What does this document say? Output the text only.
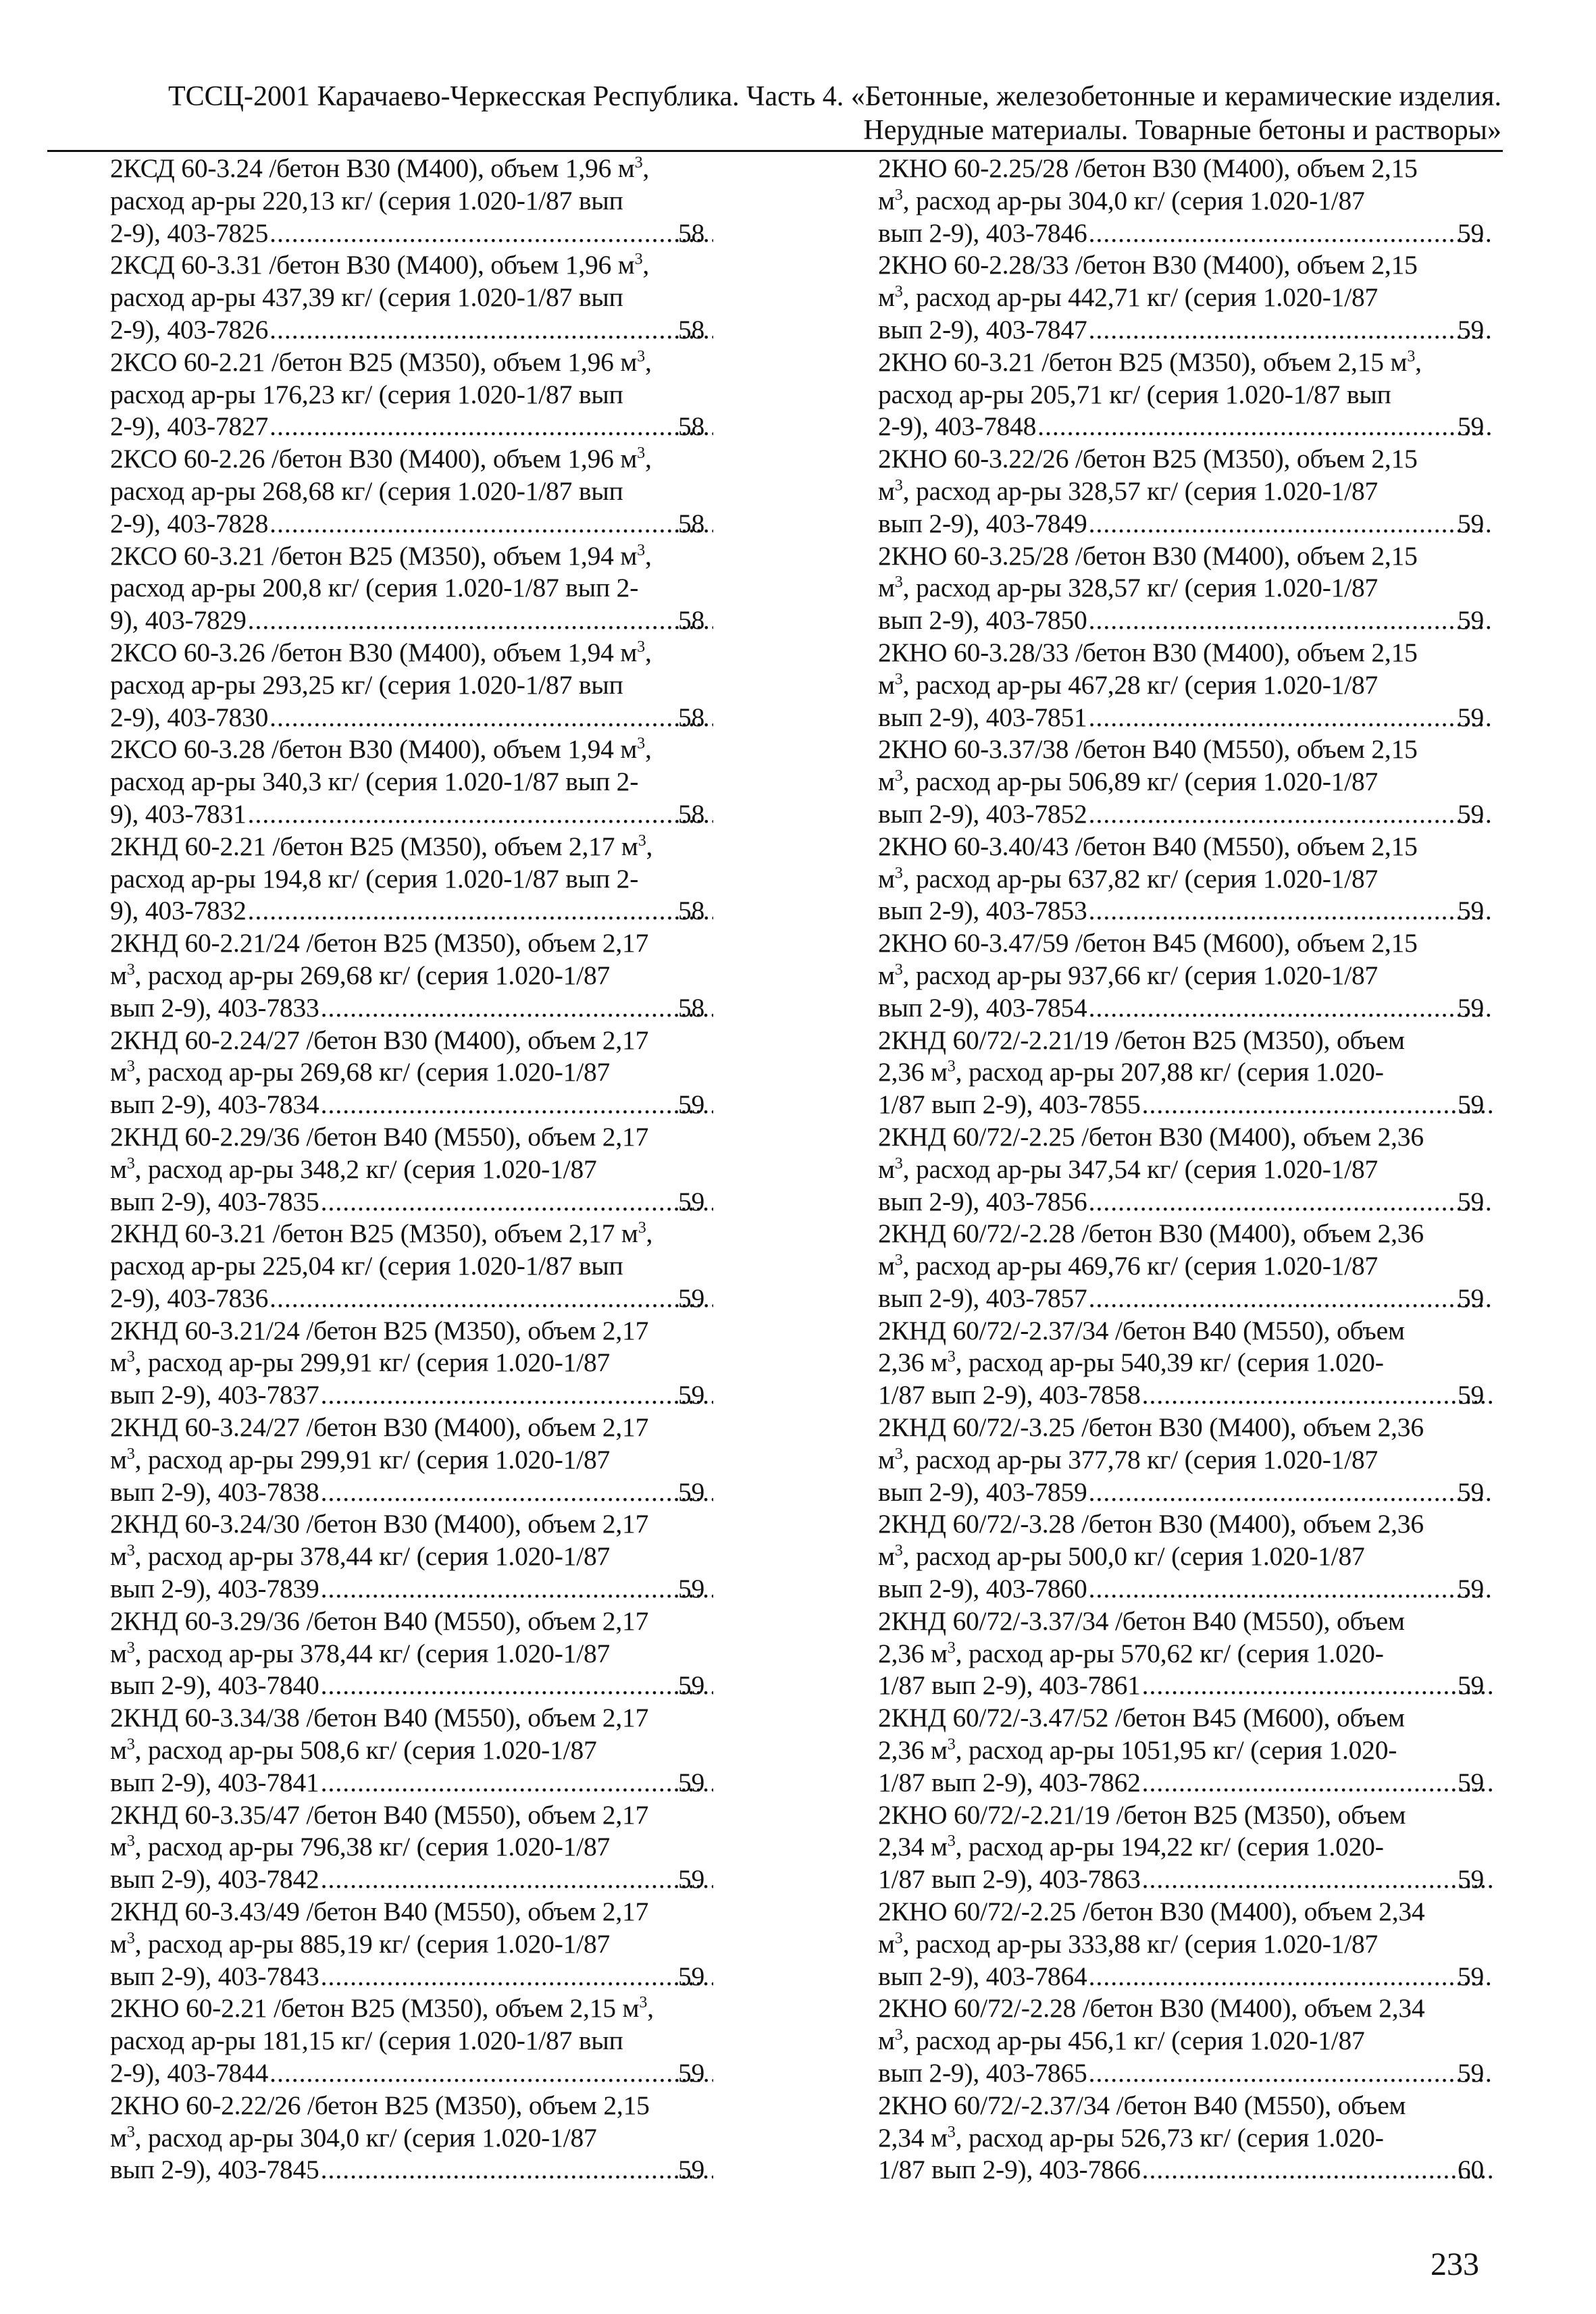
ТССЦ-2001 Карачаево-Черкесская Республика. Часть 4. «Бетонные, железобетонные и керамические изделия.
Нерудные материалы. Товарные бетоны и растворы»
2КСД 60-3.24 /бетон В30 (М400), объем 1,96 $м^3$,
расход ар-ры 220,13 кг/ (серия 1.020-1/87 вып
2-9), 403-7825 .....	58
2КСД 60-3.31 /бетон В30 (М400), объем 1,96 $м^3$,
расход ар-ры 437,39 кг/ (серия 1.020-1/87 вып
2-9), 403-7826 .....	58
2КСО 60-2.21 /бетон В25 (М350), объем 1,96 $м^3$,
расход ар-ры 176,23 кг/ (серия 1.020-1/87 вып
2-9), 403-7827 .....	58
2КСО 60-2.26 /бетон В30 (М400), объем 1,96 $м^3$,
расход ар-ры 268,68 кг/ (серия 1.020-1/87 вып
2-9), 403-7828 .....	58
2КСО 60-3.21 /бетон В25 (М350), объем 1,94 $м^3$,
расход ар-ры 200,8 кг/ (серия 1.020-1/87 вып 2-
9), 403-7829 .....	58
2КСО 60-3.26 /бетон В30 (М400), объем 1,94 $м^3$,
расход ар-ры 293,25 кг/ (серия 1.020-1/87 вып
2-9), 403-7830 .....	58
2КСО 60-3.28 /бетон В30 (М400), объем 1,94 $м^3$,
расход ар-ры 340,3 кг/ (серия 1.020-1/87 вып 2-
9), 403-7831 .....	58
2КНД 60-2.21 /бетон В25 (М350), объем 2,17 $м^3$,
расход ар-ры 194,8 кг/ (серия 1.020-1/87 вып 2-
9), 403-7832 .....	58
2КНД 60-2.21/24 /бетон В25 (М350), объем 2,17
$м^3$, расход ар-ры 269,68 кг/ (серия 1.020-1/87
вып 2-9), 403-7833 .....	58
2КНД 60-2.24/27 /бетон В30 (М400), объем 2,17
$м^3$, расход ар-ры 269,68 кг/ (серия 1.020-1/87
вып 2-9), 403-7834 .....	59
2КНД 60-2.29/36 /бетон В40 (М550), объем 2,17
$м^3$, расход ар-ры 348,2 кг/ (серия 1.020-1/87
вып 2-9), 403-7835 .....	59
2КНД 60-3.21 /бетон В25 (М350), объем 2,17 $м^3$,
расход ар-ры 225,04 кг/ (серия 1.020-1/87 вып
2-9), 403-7836 .....	59
2КНД 60-3.21/24 /бетон В25 (М350), объем 2,17
$м^3$, расход ар-ры 299,91 кг/ (серия 1.020-1/87
вып 2-9), 403-7837 .....	59
2КНД 60-3.24/27 /бетон В30 (М400), объем 2,17
$м^3$, расход ар-ры 299,91 кг/ (серия 1.020-1/87
вып 2-9), 403-7838 .....	59
2КНД 60-3.24/30 /бетон В30 (М400), объем 2,17
$м^3$, расход ар-ры 378,44 кг/ (серия 1.020-1/87
вып 2-9), 403-7839 .....	59
2КНД 60-3.29/36 /бетон В40 (М550), объем 2,17
$м^3$, расход ар-ры 378,44 кг/ (серия 1.020-1/87
вып 2-9), 403-7840 .....	59
2КНД 60-3.34/38 /бетон В40 (М550), объем 2,17
$м^3$, расход ар-ры 508,6 кг/ (серия 1.020-1/87
вып 2-9), 403-7841 .....	59
2КНД 60-3.35/47 /бетон В40 (М550), объем 2,17
$м^3$, расход ар-ры 796,38 кг/ (серия 1.020-1/87
вып 2-9), 403-7842 .....	59
2КНД 60-3.43/49 /бетон В40 (М550), объем 2,17
$м^3$, расход ар-ры 885,19 кг/ (серия 1.020-1/87
вып 2-9), 403-7843 .....	59
2КНО 60-2.21 /бетон В25 (М350), объем 2,15 $м^3$,
расход ар-ры 181,15 кг/ (серия 1.020-1/87 вып
2-9), 403-7844 .....	59
2КНО 60-2.22/26 /бетон В25 (М350), объем 2,15
$м^3$, расход ар-ры 304,0 кг/ (серия 1.020-1/87
вып 2-9), 403-7845 .....	59
2КНО 60-2.25/28 /бетон В30 (М400), объем 2,15
$м^3$, расход ар-ры 304,0 кг/ (серия 1.020-1/87
вып 2-9), 403-7846 .....	59
2КНО 60-2.28/33 /бетон В30 (М400), объем 2,15
$м^3$, расход ар-ры 442,71 кг/ (серия 1.020-1/87
вып 2-9), 403-7847 .....	59
2КНО 60-3.21 /бетон В25 (М350), объем 2,15 $м^3$,
расход ар-ры 205,71 кг/ (серия 1.020-1/87 вып
2-9), 403-7848 .....	59
2КНО 60-3.22/26 /бетон В25 (М350), объем 2,15
$м^3$, расход ар-ры 328,57 кг/ (серия 1.020-1/87
вып 2-9), 403-7849 .....	59
2КНО 60-3.25/28 /бетон В30 (М400), объем 2,15
$м^3$, расход ар-ры 328,57 кг/ (серия 1.020-1/87
вып 2-9), 403-7850 .....	59
2КНО 60-3.28/33 /бетон В30 (М400), объем 2,15
$м^3$, расход ар-ры 467,28 кг/ (серия 1.020-1/87
вып 2-9), 403-7851 .....	59
2КНО 60-3.37/38 /бетон В40 (М550), объем 2,15
$м^3$, расход ар-ры 506,89 кг/ (серия 1.020-1/87
вып 2-9), 403-7852 .....	59
2КНО 60-3.40/43 /бетон В40 (М550), объем 2,15
$м^3$, расход ар-ры 637,82 кг/ (серия 1.020-1/87
вып 2-9), 403-7853 .....	59
2КНО 60-3.47/59 /бетон В45 (М600), объем 2,15
$м^3$, расход ар-ры 937,66 кг/ (серия 1.020-1/87
вып 2-9), 403-7854 .....	59
2КНД 60/72/-2.21/19 /бетон В25 (М350), объем
2,36 $м^3$, расход ар-ры 207,88 кг/ (серия 1.020-
1/87 вып 2-9), 403-7855 .....	59
2КНД 60/72/-2.25 /бетон В30 (М400), объем 2,36
$м^3$, расход ар-ры 347,54 кг/ (серия 1.020-1/87
вып 2-9), 403-7856 .....	59
2КНД 60/72/-2.28 /бетон В30 (М400), объем 2,36
$м^3$, расход ар-ры 469,76 кг/ (серия 1.020-1/87
вып 2-9), 403-7857 .....	59
2КНД 60/72/-2.37/34 /бетон В40 (М550), объем
2,36 $м^3$, расход ар-ры 540,39 кг/ (серия 1.020-
1/87 вып 2-9), 403-7858 .....	59
2КНД 60/72/-3.25 /бетон В30 (М400), объем 2,36
$м^3$, расход ар-ры 377,78 кг/ (серия 1.020-1/87
вып 2-9), 403-7859 .....	59
2КНД 60/72/-3.28 /бетон В30 (М400), объем 2,36
$м^3$, расход ар-ры 500,0 кг/ (серия 1.020-1/87
вып 2-9), 403-7860 .....	59
2КНД 60/72/-3.37/34 /бетон В40 (М550), объем
2,36 $м^3$, расход ар-ры 570,62 кг/ (серия 1.020-
1/87 вып 2-9), 403-7861 .....	59
2КНД 60/72/-3.47/52 /бетон В45 (М600), объем
2,36 $м^3$, расход ар-ры 1051,95 кг/ (серия 1.020-
1/87 вып 2-9), 403-7862 .....	59
2КНО 60/72/-2.21/19 /бетон В25 (М350), объем
2,34 $м^3$, расход ар-ры 194,22 кг/ (серия 1.020-
1/87 вып 2-9), 403-7863 .....	59
2КНО 60/72/-2.25 /бетон В30 (М400), объем 2,34
$м^3$, расход ар-ры 333,88 кг/ (серия 1.020-1/87
вып 2-9), 403-7864 .....	59
2КНО 60/72/-2.28 /бетон В30 (М400), объем 2,34
$м^3$, расход ар-ры 456,1 кг/ (серия 1.020-1/87
вып 2-9), 403-7865 .....	59
2КНО 60/72/-2.37/34 /бетон В40 (М550), объем
2,34 $м^3$, расход ар-ры 526,73 кг/ (серия 1.020-
1/87 вып 2-9), 403-7866 .....	60
233
